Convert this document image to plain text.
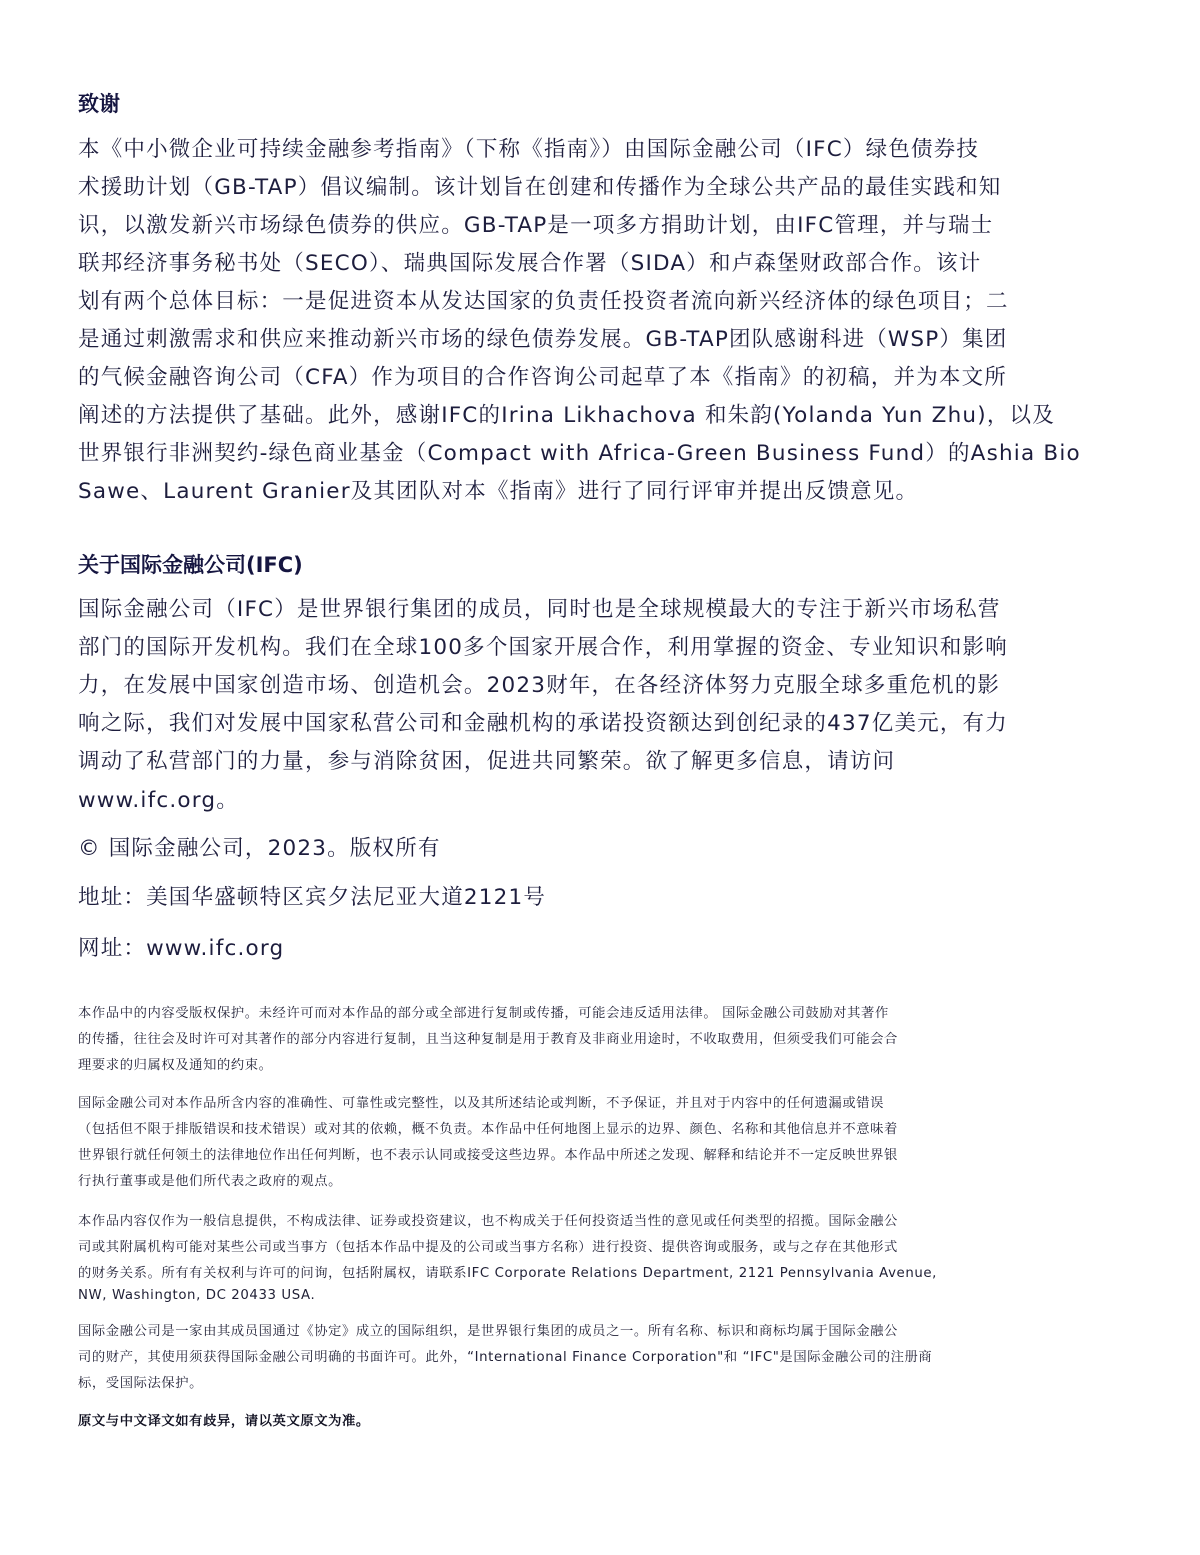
致谢
本《中小微企业可持续金融参考指南》（下称《指南》）由国际金融公司（IFC）绿色债券技
术援助计划（GB-TAP）倡议编制。该计划旨在创建和传播作为全球公共产品的最佳实践和知
识，以激发新兴市场绿色债券的供应。GB-TAP是一项多方捐助计划，由IFC管理，并与瑞士
联邦经济事务秘书处（SECO）、瑞典国际发展合作署（SIDA）和卢森堡财政部合作。该计
划有两个总体目标：一是促进资本从发达国家的负责任投资者流向新兴经济体的绿色项目；二
是通过刺激需求和供应来推动新兴市场的绿色债券发展。GB-TAP团队感谢科进（WSP）集团
的气候金融咨询公司（CFA）作为项目的合作咨询公司起草了本《指南》的初稿，并为本文所
阐述的方法提供了基础。此外，感谢IFC的Irina Likhachova 和朱韵(Yolanda Yun Zhu)，以及
世界银行非洲契约-绿色商业基金（Compact with Africa-Green Business Fund）的Ashia Bio
Sawe、Laurent Granier及其团队对本《指南》进行了同行评审并提出反馈意见。
关于国际金融公司(IFC)
国际金融公司（IFC）是世界银行集团的成员，同时也是全球规模最大的专注于新兴市场私营
部门的国际开发机构。我们在全球100多个国家开展合作，利用掌握的资金、专业知识和影响
力，在发展中国家创造市场、创造机会。2023财年，在各经济体努力克服全球多重危机的影
响之际，我们对发展中国家私营公司和金融机构的承诺投资额达到创纪录的437亿美元，有力
调动了私营部门的力量，参与消除贫困，促进共同繁荣。欲了解更多信息，请访问
www.ifc.org。
© 国际金融公司，2023。版权所有
地址：美国华盛顿特区宾夕法尼亚大道2121号
网址：www.ifc.org
本作品中的内容受版权保护。未经许可而对本作品的部分或全部进行复制或传播，可能会违反适用法律。 国际金融公司鼓励对其著作
的传播，往往会及时许可对其著作的部分内容进行复制，且当这种复制是用于教育及非商业用途时，不收取费用，但须受我们可能会合
理要求的归属权及通知的约束。
国际金融公司对本作品所含内容的准确性、可靠性或完整性，以及其所述结论或判断，不予保证，并且对于内容中的任何遗漏或错误
（包括但不限于排版错误和技术错误）或对其的依赖，概不负责。本作品中任何地图上显示的边界、颜色、名称和其他信息并不意味着
世界银行就任何领土的法律地位作出任何判断，也不表示认同或接受这些边界。本作品中所述之发现、解释和结论并不一定反映世界银
行执行董事或是他们所代表之政府的观点。
本作品内容仅作为一般信息提供，不构成法律、证券或投资建议，也不构成关于任何投资适当性的意见或任何类型的招揽。国际金融公
司或其附属机构可能对某些公司或当事方（包括本作品中提及的公司或当事方名称）进行投资、提供咨询或服务，或与之存在其他形式
的财务关系。所有有关权利与许可的问询，包括附属权，请联系IFC Corporate Relations Department, 2121 Pennsylvania Avenue,
NW, Washington, DC 20433 USA.
国际金融公司是一家由其成员国通过《协定》成立的国际组织，是世界银行集团的成员之一。所有名称、标识和商标均属于国际金融公
司的财产，其使用须获得国际金融公司明确的书面许可。此外，“International Finance Corporation"和 “IFC"是国际金融公司的注册商
标，受国际法保护。
原文与中文译文如有歧异，请以英文原文为准。
